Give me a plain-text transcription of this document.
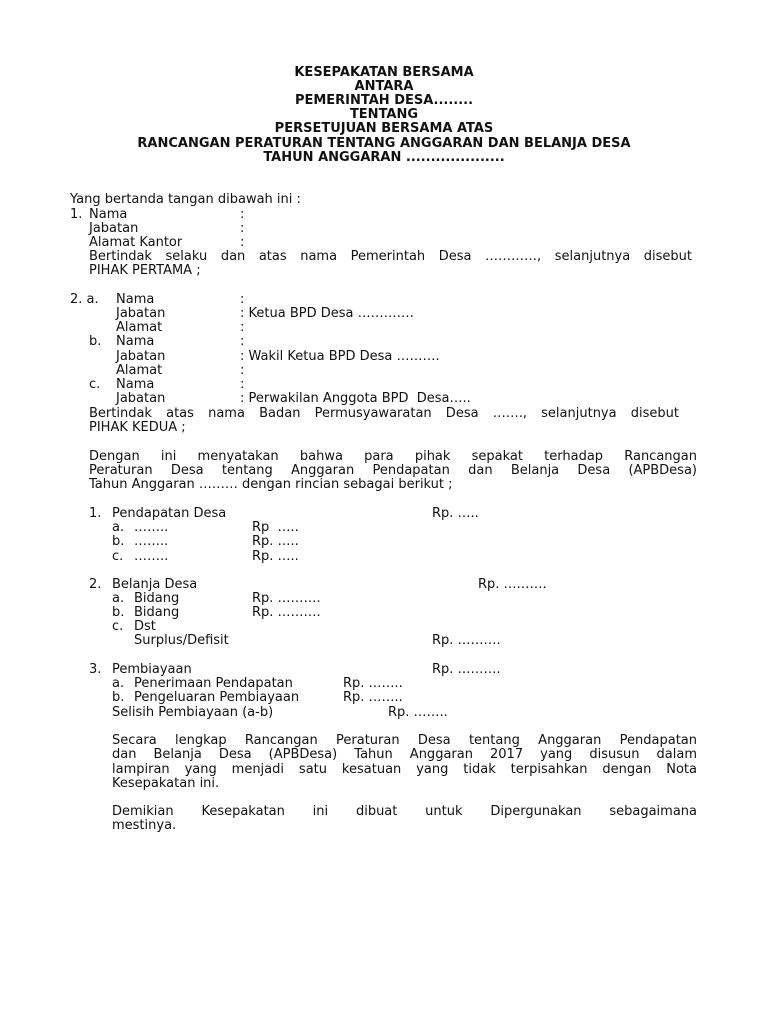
KESEPAKATAN BERSAMA
ANTARA
PEMERINTAH DESA........
TENTANG
PERSETUJUAN BERSAMA ATAS
RANCANGAN PERATURAN TENTANG ANGGARAN DAN BELANJA DESA
TAHUN ANGGARAN ....................
Yang bertanda tangan dibawah ini :
1. Nama	:
Jabatan	:
Alamat Kantor	:
Bertindak selaku dan atas nama Pemerintah Desa …………, selanjutnya disebut
PIHAK PERTAMA ;
2. a. Nama	:
Jabatan	: Ketua BPD Desa ………….
Alamat	:
b. Nama	:
Jabatan	: Wakil Ketua BPD Desa ……….
Alamat	:
c. Nama	:
Jabatan	: Perwakilan Anggota BPD  Desa…..
Bertindak atas nama Badan Permusyawaratan Desa ……., selanjutnya disebut
PIHAK KEDUA ;
Dengan ini menyatakan bahwa para pihak sepakat terhadap Rancangan
Peraturan Desa tentang Anggaran Pendapatan dan Belanja Desa (APBDesa)
Tahun Anggaran ……… dengan rincian sebagai berikut ;
1. Pendapatan Desa	Rp. …..
a. ……..	Rp  …..
b. ……..	Rp. …..
c. ……..	Rp. …..
2. Belanja Desa	Rp. ……….
a. Bidang	Rp. ……….
b. Bidang	Rp. ……….
c. Dst
Surplus/Defisit	Rp. ……….
3. Pembiayaan	Rp. ……….
a. Penerimaan Pendapatan	Rp. ……..
b. Pengeluaran Pembiayaan	Rp. ……..
Selisih Pembiayaan (a-b)	Rp. ……..
Secara lengkap Rancangan Peraturan Desa tentang Anggaran Pendapatan
dan Belanja Desa (APBDesa) Tahun Anggaran 2017 yang disusun dalam
lampiran yang menjadi satu kesatuan yang tidak terpisahkan dengan Nota
Kesepakatan ini.
Demikian Kesepakatan ini dibuat untuk Dipergunakan sebagaimana
mestinya.
